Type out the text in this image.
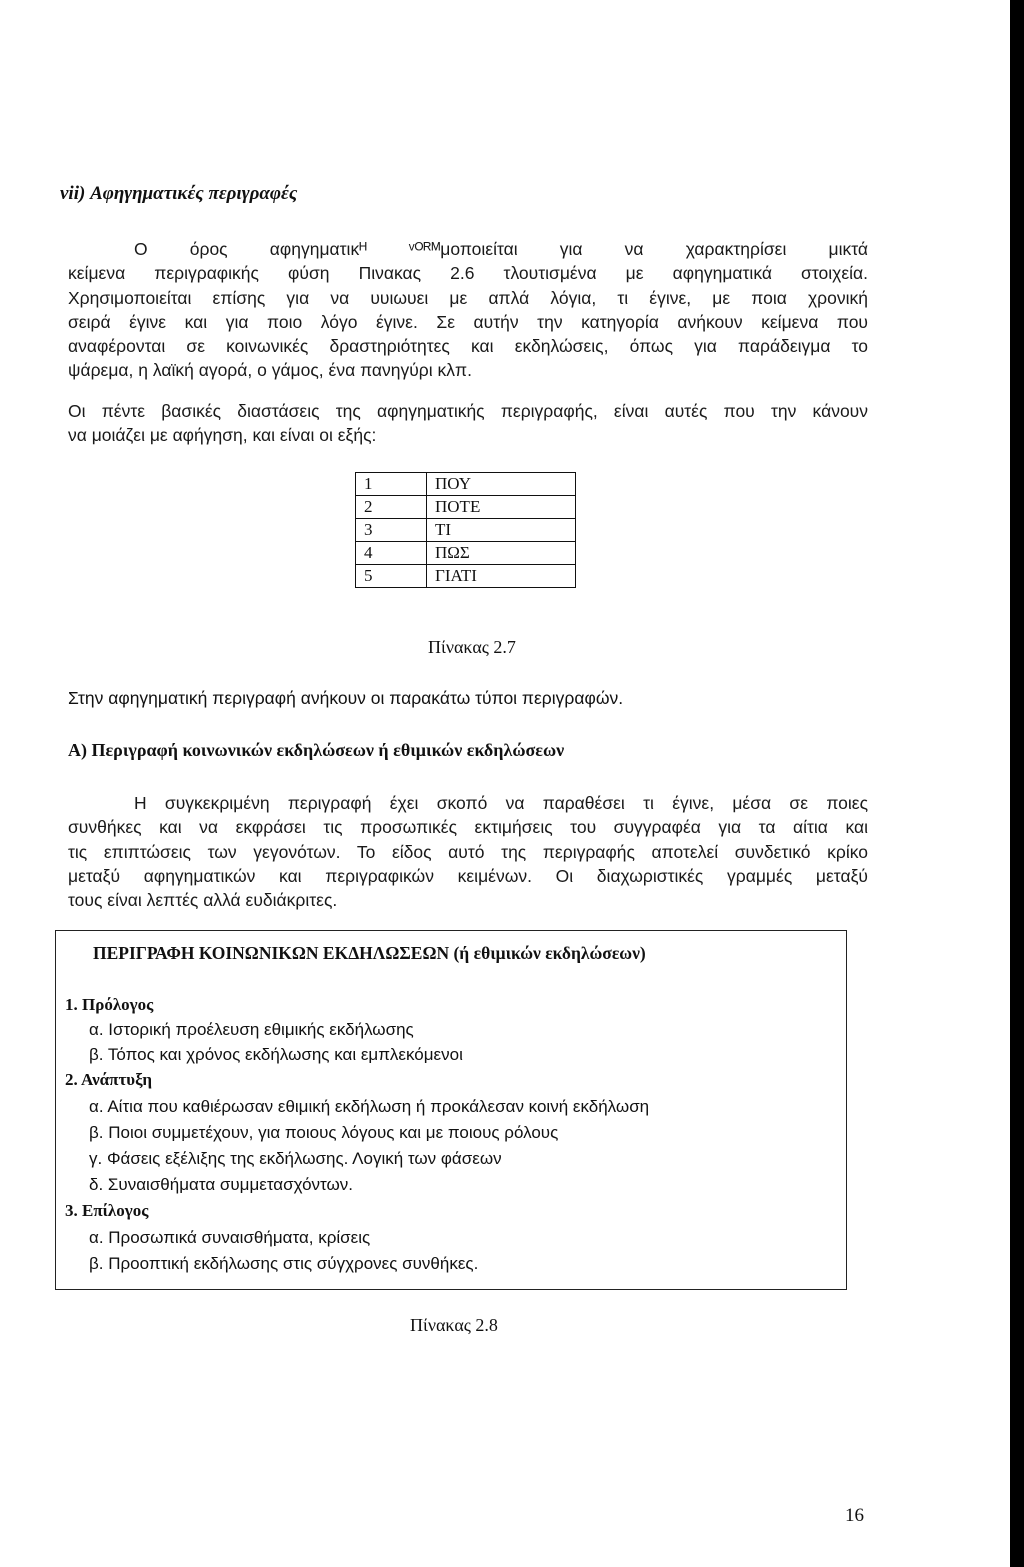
vii) Αφηγηματικές περιγραφές
Ο όρος αφηγηματικᴴ ᵛᴼᴿᴹμοποιείται για να χαρακτηρίσει μικτά
κείμενα περιγραφικής φύση Πινακας 2.6 τλουτισμένα με αφηγηματικά στοιχεία.
Χρησιμοποιείται επίσης για να υυιωυει με απλά λόγια, τι έγινε, με ποια χρονική
σειρά έγινε και για ποιο λόγο έγινε. Σε αυτήν την κατηγορία ανήκουν κείμενα που
αναφέρονται σε κοινωνικές δραστηριότητες και εκδηλώσεις, όπως για παράδειγμα το
ψάρεμα, η λαϊκή αγορά, ο γάμος, ένα πανηγύρι κλπ.
Οι πέντε βασικές διαστάσεις της αφηγηματικής περιγραφής, είναι αυτές που την κάνουν
να μοιάζει με αφήγηση, και είναι οι εξής:
1	ΠΟΥ
2	ΠΟΤΕ
3	ΤΙ
4	ΠΩΣ
5	ΓΙΑΤΙ
Πίνακας 2.7
Στην αφηγηματική περιγραφή ανήκουν οι παρακάτω τύποι περιγραφών.
Α) Περιγραφή κοινωνικών εκδηλώσεων ή εθιμικών εκδηλώσεων
Η συγκεκριμένη περιγραφή έχει σκοπό να παραθέσει τι έγινε, μέσα σε ποιες
συνθήκες και να εκφράσει τις προσωπικές εκτιμήσεις του συγγραφέα για τα αίτια και
τις επιπτώσεις των γεγονότων. Το είδος αυτό της περιγραφής αποτελεί συνδετικό κρίκο
μεταξύ αφηγηματικών και περιγραφικών κειμένων. Οι διαχωριστικές γραμμές μεταξύ
τους είναι λεπτές αλλά ευδιάκριτες.
ΠΕΡΙΓΡΑΦΗ ΚΟΙΝΩΝΙΚΩΝ ΕΚΔΗΛΩΣΕΩΝ (ή εθιμικών εκδηλώσεων)
1. Πρόλογος
α. Ιστορική προέλευση εθιμικής εκδήλωσης
β. Τόπος και χρόνος εκδήλωσης και εμπλεκόμενοι
2. Ανάπτυξη
α. Αίτια που καθιέρωσαν εθιμική εκδήλωση ή προκάλεσαν κοινή εκδήλωση
β. Ποιοι συμμετέχουν, για ποιους λόγους και με ποιους ρόλους
γ. Φάσεις εξέλιξης της εκδήλωσης. Λογική των φάσεων
δ. Συναισθήματα συμμετασχόντων.
3. Επίλογος
α. Προσωπικά συναισθήματα, κρίσεις
β. Προοπτική εκδήλωσης στις σύγχρονες συνθήκες.
Πίνακας 2.8
16
